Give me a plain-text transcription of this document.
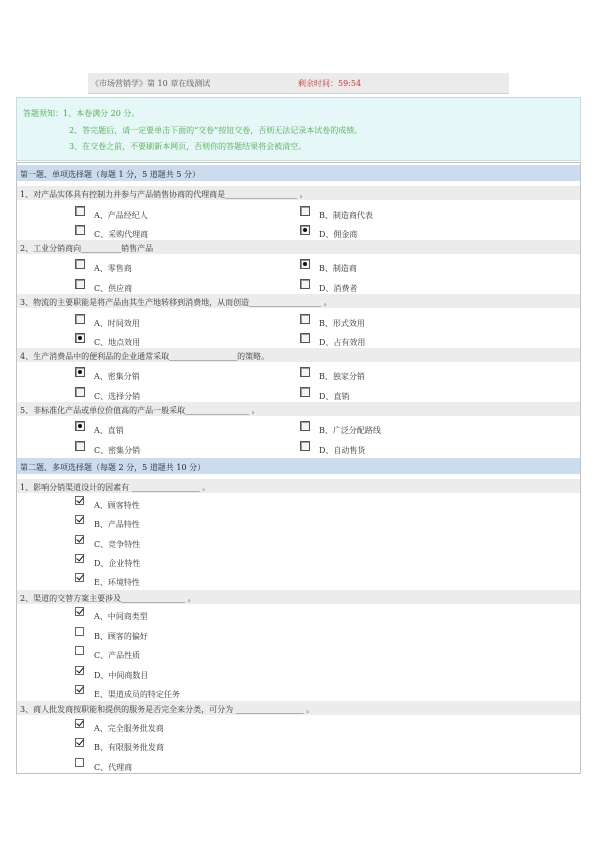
《市场营销学》第 10 章在线测试	剩余时间：59:54
答题须知：1、本卷满分 20 分。
2、答完题后，请一定要单击下面的“交卷”按钮交卷，否则无法记录本试卷的成绩。
3、在交卷之前，不要刷新本网页，否则你的答题结果将会被清空。
第一题、单项选择题（每题 1 分，5 道题共 5 分）
1、对产品实体具有控制力并参与产品销售协商的代理商是__________________ 。
A、产品经纪人	B、制造商代表
C、采购代理商	D、佣金商
2、工业分销商向__________销售产品
A、零售商	B、制造商
C、供应商	D、消费者
3、物流的主要职能是将产品由其生产地转移到消费地，从而创造__________________ 。
A、时间效用	B、形式效用
C、地点效用	D、占有效用
4、生产消费品中的便利品的企业通常采取_________________的策略。
A、密集分销	B、独家分销
C、选择分销	D、直销
5、非标准化产品或单位价值高的产品一般采取________________ 。
A、直销	B、广泛分配路线
C、密集分销	D、自动售货
第二题、多项选择题（每题 2 分，5 道题共 10 分）
1、影响分销渠道设计的因素有 _________________ 。
A、顾客特性
B、产品特性
C、竞争特性
D、企业特性
E、环境特性
2、渠道的交替方案主要涉及________________ 。
A、中间商类型
B、顾客的偏好
C、产品性质
D、中间商数目
E、渠道成员的特定任务
3、商人批发商按职能和提供的服务是否完全来分类，可分为 _________________ 。
A、完全服务批发商
B、有限服务批发商
C、代理商
